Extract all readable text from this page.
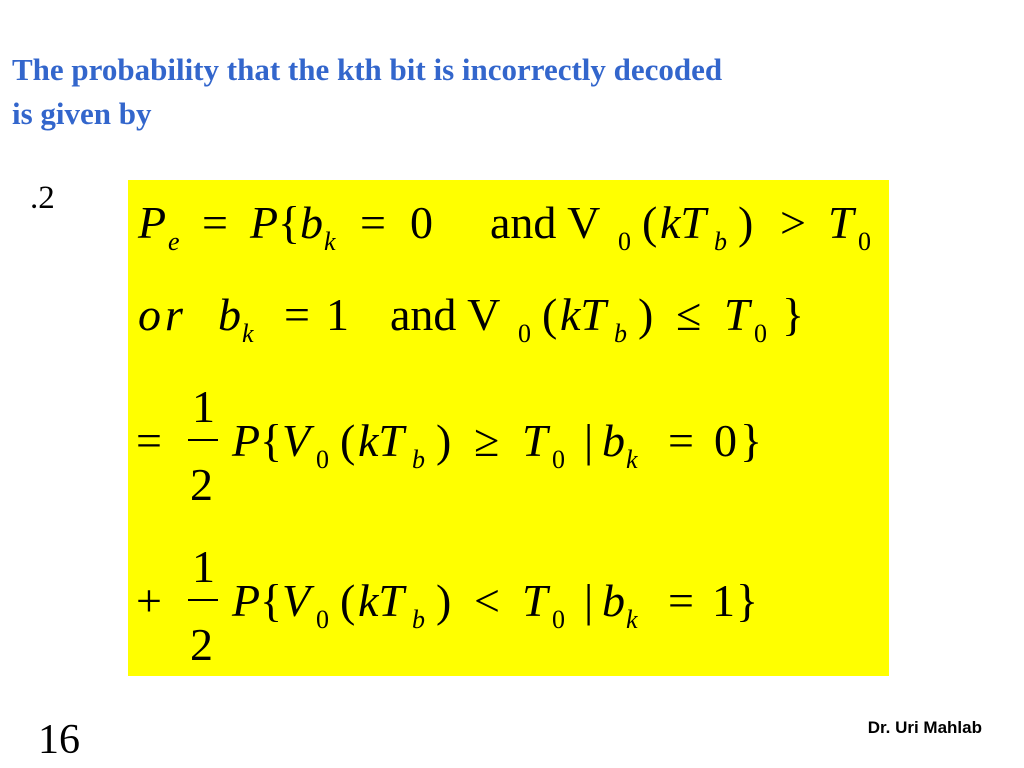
The probability that the kth bit is incorrectly decoded
is given by
.2 P e = P { b k = 0 and V 0 ( kT b ) > T 0
or b k = 1 and V 0 ( kT b ) ≤ T 0 }
=
1
2
P { V 0 ( kT b ) ≥ T 0 | b k = 0 }
+
1
2
P { V 0 ( kT b ) < T 0 | b k = 1 }
16	Dr. Uri Mahlab
